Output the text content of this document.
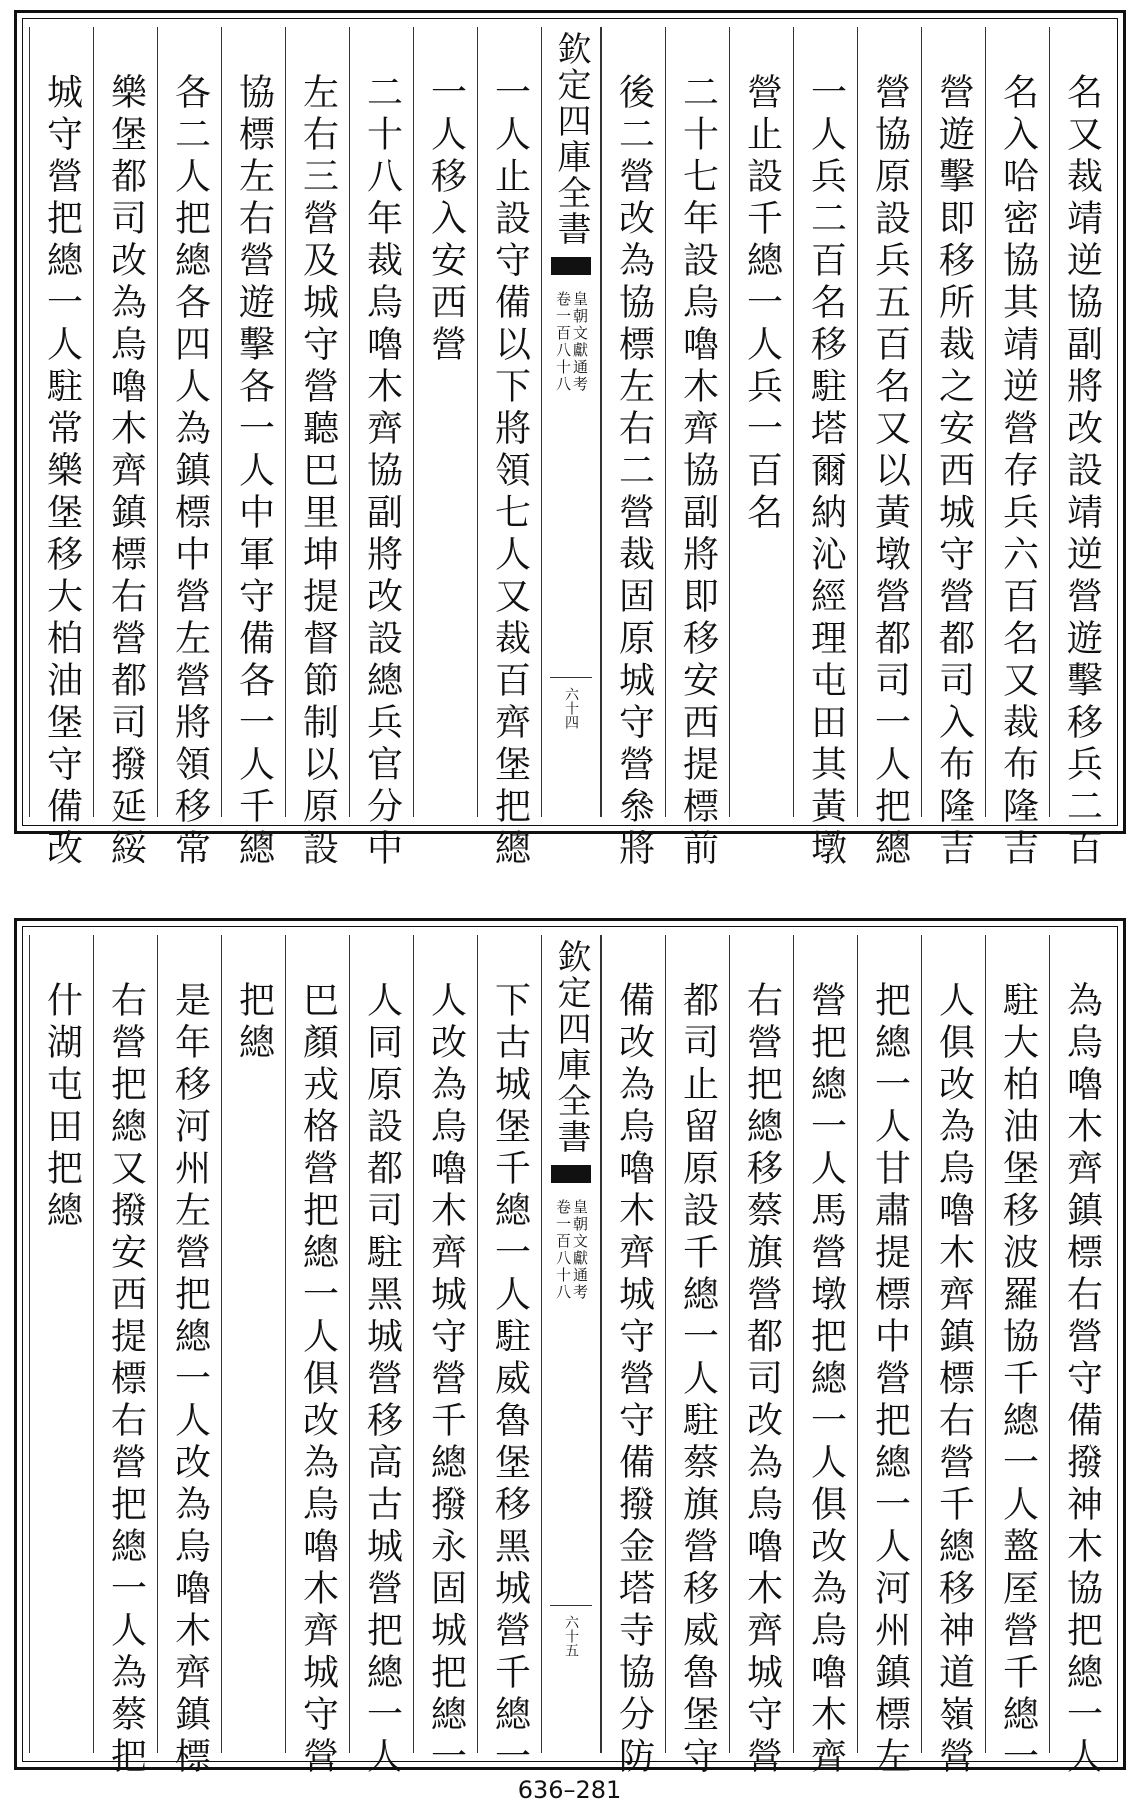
名又裁靖逆協副將改設靖逆營遊擊移兵二百
名入哈密協其靖逆營存兵六百名又裁布隆吉
營遊擊即移所裁之安西城守營都司入布隆吉
營協原設兵五百名又以黃墩營都司一人把總
一人兵二百名移駐塔爾納沁經理屯田其黃墩
營止設千總一人兵一百名
二十七年設烏嚕木齊協副將即移安西提標前
後二營改為協標左右二營裁固原城守營叅將
欽定四庫全書
皇朝文獻通考
卷一百八十八
六十四
一人止設守備以下將領七人又裁百齊堡把總
一人移入安西營
二十八年裁烏嚕木齊協副將改設總兵官分中
左右三營及城守營聽巴里坤提督節制以原設
協標左右營遊擊各一人中軍守備各一人千總
各二人把總各四人為鎮標中營左營將領移常
樂堡都司改為烏嚕木齊鎮標右營都司撥延綏
城守營把總一人駐常樂堡移大柏油堡守備改
為烏嚕木齊鎮標右營守備撥神木協把總一人
駐大柏油堡移波羅協千總一人盩厔營千總一
人俱改為烏嚕木齊鎮標右營千總移神道嶺營
把總一人甘肅提標中營把總一人河州鎮標左
營把總一人馬營墩把總一人俱改為烏嚕木齊
右營把總移蔡旗營都司改為烏嚕木齊城守營
都司止留原設千總一人駐蔡旗營移威魯堡守
備改為烏嚕木齊城守營守備撥金塔寺協分防
欽定四庫全書
皇朝文獻通考
卷一百八十八
六十五
下古城堡千總一人駐威魯堡移黑城營千總一
人改為烏嚕木齊城守營千總撥永固城把總一
人同原設都司駐黑城營移高古城營把總一人
巴顏戎格營把總一人俱改為烏嚕木齊城守營
把總
是年移河州左營把總一人改為烏嚕木齊鎮標
右營把總又撥安西提標右營把總一人為蔡把
什湖屯田把總
636–281
